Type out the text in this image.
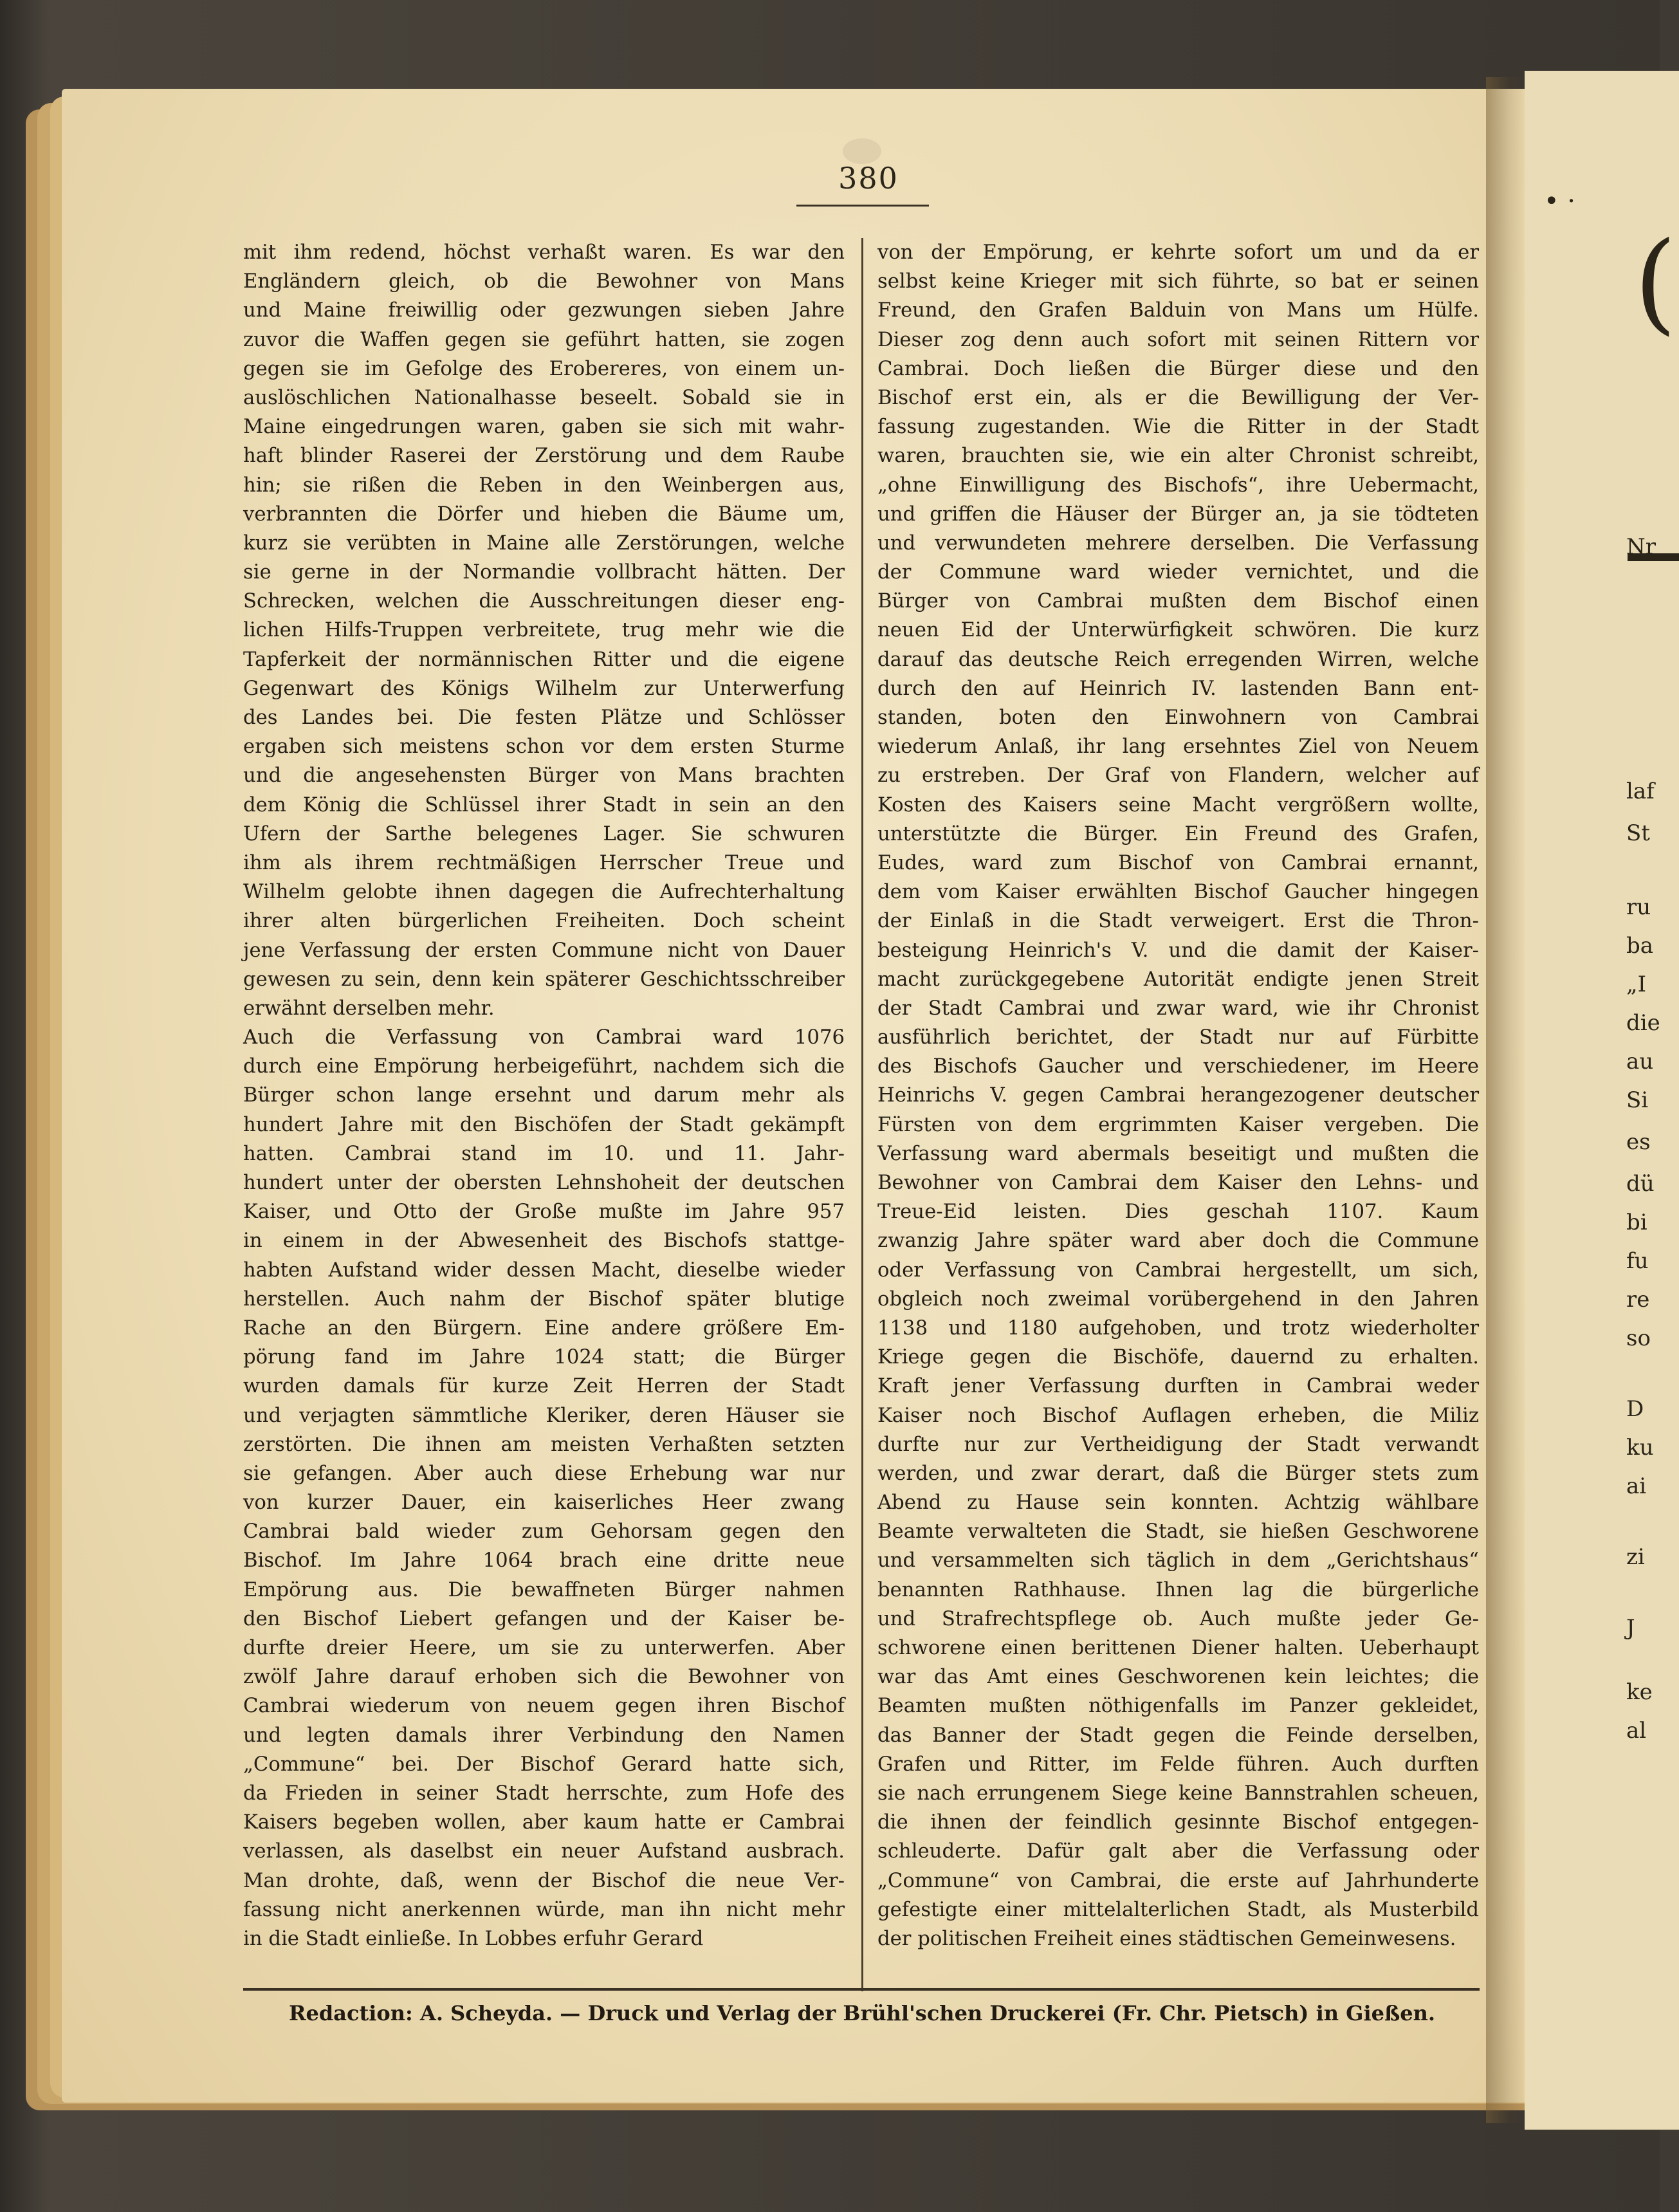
380
mit ihm redend, höchst verhaßt waren. Es war den
Engländern gleich, ob die Bewohner von Mans
und Maine freiwillig oder gezwungen sieben Jahre
zuvor die Waffen gegen sie geführt hatten, sie zogen
gegen sie im Gefolge des Erobereres, von einem un-
auslöschlichen Nationalhasse beseelt. Sobald sie in
Maine eingedrungen waren, gaben sie sich mit wahr-
haft blinder Raserei der Zerstörung und dem Raube
hin; sie rißen die Reben in den Weinbergen aus,
verbrannten die Dörfer und hieben die Bäume um,
kurz sie verübten in Maine alle Zerstörungen, welche
sie gerne in der Normandie vollbracht hätten. Der
Schrecken, welchen die Ausschreitungen dieser eng-
lichen Hilfs-Truppen verbreitete, trug mehr wie die
Tapferkeit der normännischen Ritter und die eigene
Gegenwart des Königs Wilhelm zur Unterwerfung
des Landes bei. Die festen Plätze und Schlösser
ergaben sich meistens schon vor dem ersten Sturme
und die angesehensten Bürger von Mans brachten
dem König die Schlüssel ihrer Stadt in sein an den
Ufern der Sarthe belegenes Lager. Sie schwuren
ihm als ihrem rechtmäßigen Herrscher Treue und
Wilhelm gelobte ihnen dagegen die Aufrechterhaltung
ihrer alten bürgerlichen Freiheiten. Doch scheint
jene Verfassung der ersten Commune nicht von Dauer
gewesen zu sein, denn kein späterer Geschichtsschreiber
erwähnt derselben mehr.
Auch die Verfassung von Cambrai ward 1076
durch eine Empörung herbeigeführt, nachdem sich die
Bürger schon lange ersehnt und darum mehr als
hundert Jahre mit den Bischöfen der Stadt gekämpft
hatten. Cambrai stand im 10. und 11. Jahr-
hundert unter der obersten Lehnshoheit der deutschen
Kaiser, und Otto der Große mußte im Jahre 957
in einem in der Abwesenheit des Bischofs stattge-
habten Aufstand wider dessen Macht, dieselbe wieder
herstellen. Auch nahm der Bischof später blutige
Rache an den Bürgern. Eine andere größere Em-
pörung fand im Jahre 1024 statt; die Bürger
wurden damals für kurze Zeit Herren der Stadt
und verjagten sämmtliche Kleriker, deren Häuser sie
zerstörten. Die ihnen am meisten Verhaßten setzten
sie gefangen. Aber auch diese Erhebung war nur
von kurzer Dauer, ein kaiserliches Heer zwang
Cambrai bald wieder zum Gehorsam gegen den
Bischof. Im Jahre 1064 brach eine dritte neue
Empörung aus. Die bewaffneten Bürger nahmen
den Bischof Liebert gefangen und der Kaiser be-
durfte dreier Heere, um sie zu unterwerfen. Aber
zwölf Jahre darauf erhoben sich die Bewohner von
Cambrai wiederum von neuem gegen ihren Bischof
und legten damals ihrer Verbindung den Namen
„Commune“ bei. Der Bischof Gerard hatte sich,
da Frieden in seiner Stadt herrschte, zum Hofe des
Kaisers begeben wollen, aber kaum hatte er Cambrai
verlassen, als daselbst ein neuer Aufstand ausbrach.
Man drohte, daß, wenn der Bischof die neue Ver-
fassung nicht anerkennen würde, man ihn nicht mehr
in die Stadt einließe. In Lobbes erfuhr Gerard
von der Empörung, er kehrte sofort um und da er
selbst keine Krieger mit sich führte, so bat er seinen
Freund, den Grafen Balduin von Mans um Hülfe.
Dieser zog denn auch sofort mit seinen Rittern vor
Cambrai. Doch ließen die Bürger diese und den
Bischof erst ein, als er die Bewilligung der Ver-
fassung zugestanden. Wie die Ritter in der Stadt
waren, brauchten sie, wie ein alter Chronist schreibt,
„ohne Einwilligung des Bischofs“, ihre Uebermacht,
und griffen die Häuser der Bürger an, ja sie tödteten
und verwundeten mehrere derselben. Die Verfassung
der Commune ward wieder vernichtet, und die
Bürger von Cambrai mußten dem Bischof einen
neuen Eid der Unterwürfigkeit schwören. Die kurz
darauf das deutsche Reich erregenden Wirren, welche
durch den auf Heinrich IV. lastenden Bann ent-
standen, boten den Einwohnern von Cambrai
wiederum Anlaß, ihr lang ersehntes Ziel von Neuem
zu erstreben. Der Graf von Flandern, welcher auf
Kosten des Kaisers seine Macht vergrößern wollte,
unterstützte die Bürger. Ein Freund des Grafen,
Eudes, ward zum Bischof von Cambrai ernannt,
dem vom Kaiser erwählten Bischof Gaucher hingegen
der Einlaß in die Stadt verweigert. Erst die Thron-
besteigung Heinrich's V. und die damit der Kaiser-
macht zurückgegebene Autorität endigte jenen Streit
der Stadt Cambrai und zwar ward, wie ihr Chronist
ausführlich berichtet, der Stadt nur auf Fürbitte
des Bischofs Gaucher und verschiedener, im Heere
Heinrichs V. gegen Cambrai herangezogener deutscher
Fürsten von dem ergrimmten Kaiser vergeben. Die
Verfassung ward abermals beseitigt und mußten die
Bewohner von Cambrai dem Kaiser den Lehns- und
Treue-Eid leisten. Dies geschah 1107. Kaum
zwanzig Jahre später ward aber doch die Commune
oder Verfassung von Cambrai hergestellt, um sich,
obgleich noch zweimal vorübergehend in den Jahren
1138 und 1180 aufgehoben, und trotz wiederholter
Kriege gegen die Bischöfe, dauernd zu erhalten.
Kraft jener Verfassung durften in Cambrai weder
Kaiser noch Bischof Auflagen erheben, die Miliz
durfte nur zur Vertheidigung der Stadt verwandt
werden, und zwar derart, daß die Bürger stets zum
Abend zu Hause sein konnten. Achtzig wählbare
Beamte verwalteten die Stadt, sie hießen Geschworene
und versammelten sich täglich in dem „Gerichtshaus“
benannten Rathhause. Ihnen lag die bürgerliche
und Strafrechtspflege ob. Auch mußte jeder Ge-
schworene einen berittenen Diener halten. Ueberhaupt
war das Amt eines Geschworenen kein leichtes; die
Beamten mußten nöthigenfalls im Panzer gekleidet,
das Banner der Stadt gegen die Feinde derselben,
Grafen und Ritter, im Felde führen. Auch durften
sie nach errungenem Siege keine Bannstrahlen scheuen,
die ihnen der feindlich gesinnte Bischof entgegen-
schleuderte. Dafür galt aber die Verfassung oder
„Commune“ von Cambrai, die erste auf Jahrhunderte
gefestigte einer mittelalterlichen Stadt, als Musterbild
der politischen Freiheit eines städtischen Gemeinwesens.
Redaction: A. Scheyda. — Druck und Verlag der Brühl'schen Druckerei (Fr. Chr. Pietsch) in Gießen.
• ·
(
Nr
laf
St
ru
ba
„I
die
au
Si
es
dü
bi
fu
re
so
D
ku
ai
zi
J
ke
al
